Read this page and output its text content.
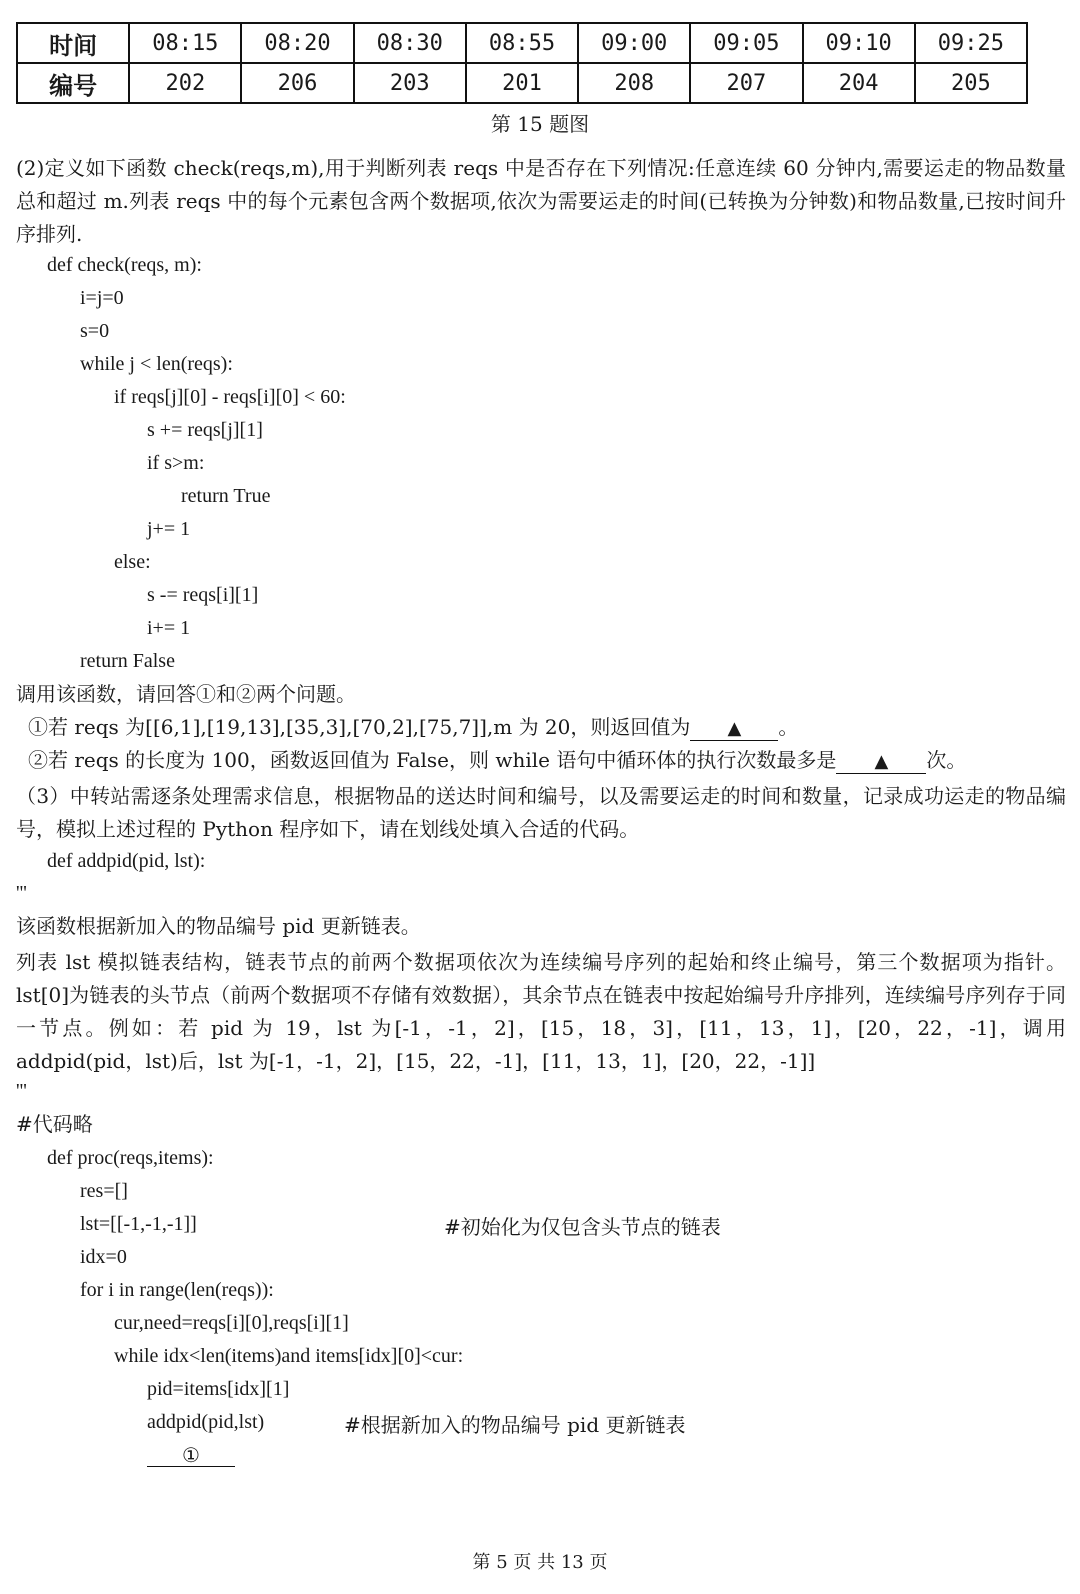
时间	08:15	08:20	08:30	08:55	09:00	09:05	09:10	09:25
编号	202	206	203	201	208	207	204	205
第 15 题图
(2)定义如下函数 check(reqs,m),用于判断列表 reqs 中是否存在下列情况:任意连续 60 分钟内,需要运走的物品数量总和超过 m.列表 reqs 中的每个元素包含两个数据项,依次为需要运走的时间(已转换为分钟数)和物品数量,已按时间升序排列.
def check(reqs, m):
i=j=0
s=0
while j < len(reqs):
if reqs[j][0] - reqs[i][0] < 60:
s += reqs[j][1]
if s>m:
return True
j+= 1
else:
s -= reqs[i][1]
i+= 1
return False
调用该函数，请回答①和②两个问题。
①若 reqs 为[[6,1],[19,13],[35,3],[70,2],[75,7]],m 为 20，则返回值为 ▲ 。
②若 reqs 的长度为 100，函数返回值为 False，则 while 语句中循环体的执行次数最多是 ▲ 次。
（3）中转站需逐条处理需求信息，根据物品的送达时间和编号，以及需要运走的时间和数量，记录成功运走的物品编号，模拟上述过程的 Python 程序如下，请在划线处填入合适的代码。
def addpid(pid, lst):
'''
该函数根据新加入的物品编号 pid 更新链表。
列表 lst 模拟链表结构，链表节点的前两个数据项依次为连续编号序列的起始和终止编号，第三个数据项为指针。lst[0]为链表的头节点（前两个数据项不存储有效数据），其余节点在链表中按起始编号升序排列，连续编号序列存于同一节点。例如：若 pid 为 19，lst 为[-1，-1，2]，[15，18，3]，[11，13，1]，[20，22，-1]，调用 addpid(pid，lst)后，lst 为[-1，-1，2]，[15，22，-1]，[11，13，1]，[20，22，-1]]
'''
#代码略
def proc(reqs,items):
res=[]
lst=[[-1,-1,-1]]	#初始化为仅包含头节点的链表
idx=0
for i in range(len(reqs)):
cur,need=reqs[i][0],reqs[i][1]
while idx<len(items)and items[idx][0]<cur:
pid=items[idx][1]
addpid(pid,lst)	#根据新加入的物品编号 pid 更新链表
①
第 5 页 共 13 页
